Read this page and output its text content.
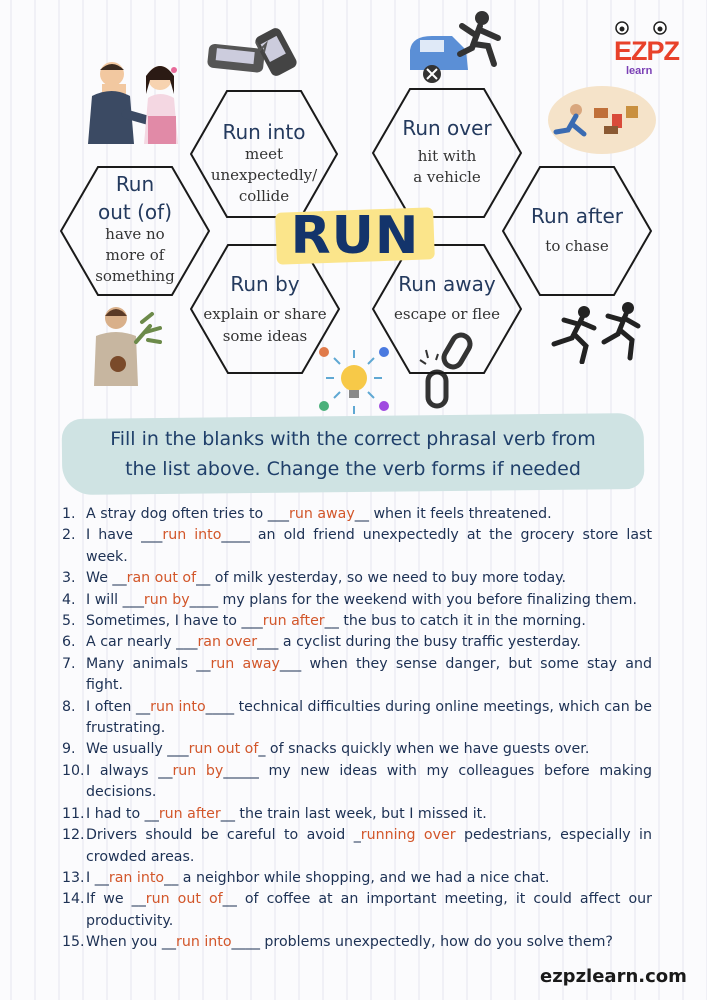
EZPZ
learn
Run into
meet
unexpectedly/
collide
Run over
hit with
a vehicle
Run
out (of)
have no
more of
something
Run after
to chase
Run by
explain or share
some ideas
Run away
escape or flee
RUN
Fill in the blanks with the correct phrasal verb from
the list above. Change the verb forms if needed
1. A stray dog often tries to ___run away__ when it feels threatened.
2. I have ___run into____ an old friend unexpectedly at the grocery store last week.
3. We __ran out of__ of milk yesterday, so we need to buy more today.
4. I will ___run by____ my plans for the weekend with you before finalizing them.
5. Sometimes, I have to ___run after__ the bus to catch it in the morning.
6. A car nearly ___ran over___ a cyclist during the busy traffic yesterday.
7. Many animals __run away___ when they sense danger, but some stay and fight.
8. I often __run into____ technical difficulties during online meetings, which can be frustrating.
9. We usually ___run out of_ of snacks quickly when we have guests over.
10. I always __run by_____ my new ideas with my colleagues before making decisions.
11. I had to __run after__ the train last week, but I missed it.
12. Drivers should be careful to avoid _running over pedestrians, especially in crowded areas.
13. I __ran into__ a neighbor while shopping, and we had a nice chat.
14. If we __run out of__ of coffee at an important meeting, it could affect our productivity.
15. When you __run into____ problems unexpectedly, how do you solve them?
ezpzlearn.com
